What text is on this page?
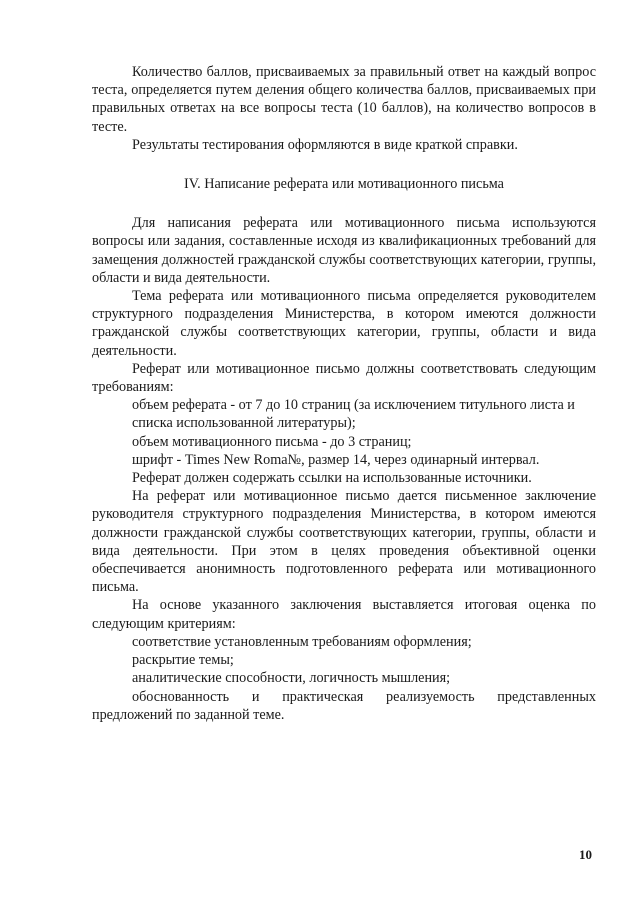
Количество баллов, присваиваемых за правильный ответ на каждый вопрос теста, определяется путем деления общего количества баллов, присваиваемых при правильных ответах на все вопросы теста (10 баллов), на количество вопросов в тесте.

Результаты тестирования оформляются в виде краткой справки.

IV. Написание реферата или мотивационного письма

Для написания реферата или мотивационного письма используются вопросы или задания, составленные исходя из квалификационных требований для замещения должностей гражданской службы соответствующих категории, группы, области и вида деятельности.

Тема реферата или мотивационного письма определяется руководителем структурного подразделения Министерства, в котором имеются должности гражданской службы соответствующих категории, группы, области и вида деятельности.

Реферат или мотивационное письмо должны соответствовать следующим требованиям:

объем реферата - от 7 до 10 страниц (за исключением титульного листа и списка использованной литературы);

объем мотивационного письма - до 3 страниц;

шрифт - Times New Roma№, размер 14, через одинарный интервал.

Реферат должен содержать ссылки на использованные источники.

На реферат или мотивационное письмо дается письменное заключение руководителя структурного подразделения Министерства, в котором имеются должности гражданской службы соответствующих категории, группы, области и вида деятельности. При этом в целях проведения объективной оценки обеспечивается анонимность подготовленного реферата или мотивационного письма.

На основе указанного заключения выставляется итоговая оценка по следующим критериям:

соответствие установленным требованиям оформления;

раскрытие темы;

аналитические способности, логичность мышления;

обоснованность и практическая реализуемость представленных предложений по заданной теме.

10
